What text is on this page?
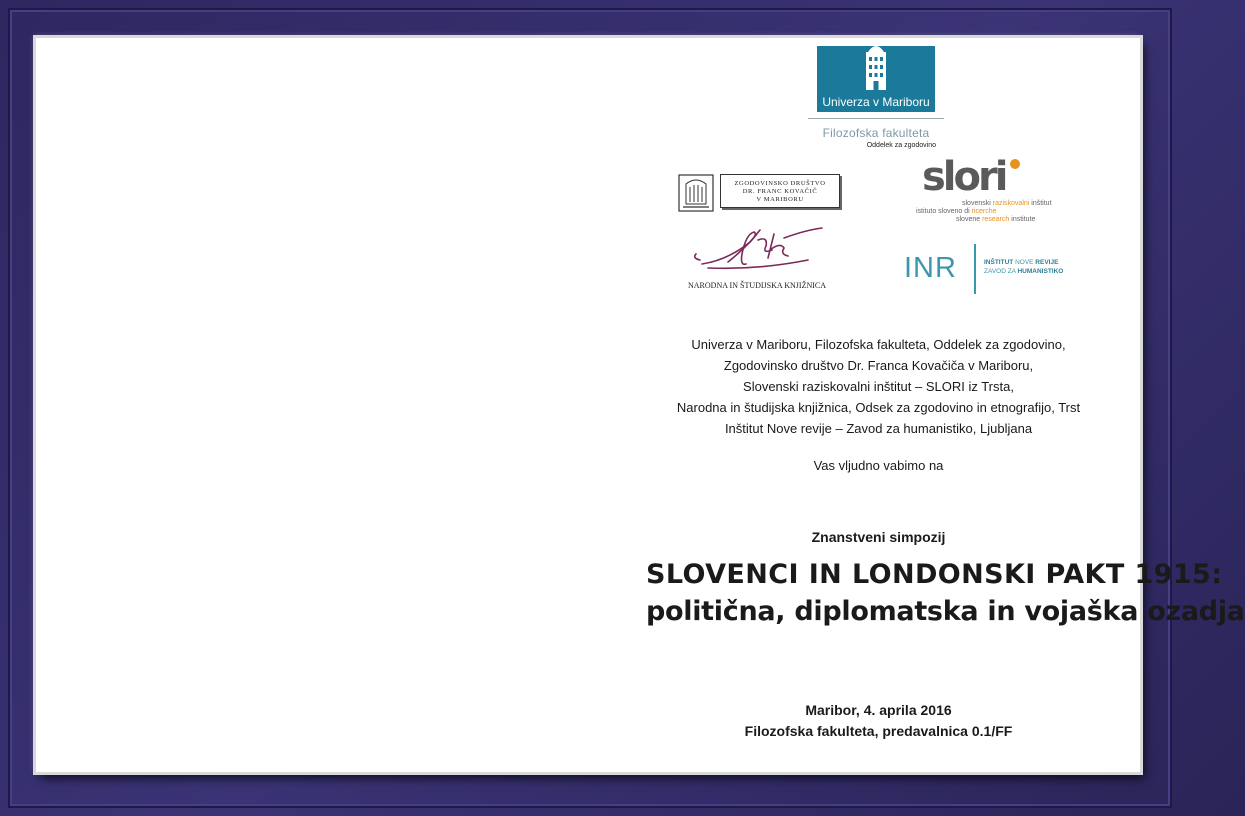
Univerza v Mariboru
Filozofska fakulteta
Oddelek za zgodovino
ZGODOVINSKO DRUŠTVO
DR. FRANC KOVAČIČ
V MARIBORU
NARODNA IN ŠTUDIJSKA KNJIŽNICA
slori
slovenski raziskovalni inštitut
istituto sloveno di ricerche
slovene research institute
INR	INŠTITUT NOVE REVIJE
ZAVOD ZA HUMANISTIKO
Univerza v Mariboru, Filozofska fakulteta, Oddelek za zgodovino,
Zgodovinsko društvo Dr. Franca Kovačiča v Mariboru,
Slovenski raziskovalni inštitut – SLORI iz Trsta,
Narodna in študijska knjižnica, Odsek za zgodovino in etnografijo, Trst
Inštitut Nove revije – Zavod za humanistiko, Ljubljana
Vas vljudno vabimo na
Znanstveni simpozij
SLOVENCI IN LONDONSKI PAKT 1915:
politična, diplomatska in vojaška ozadja
Maribor, 4. aprila 2016
Filozofska fakulteta, predavalnica 0.1/FF
